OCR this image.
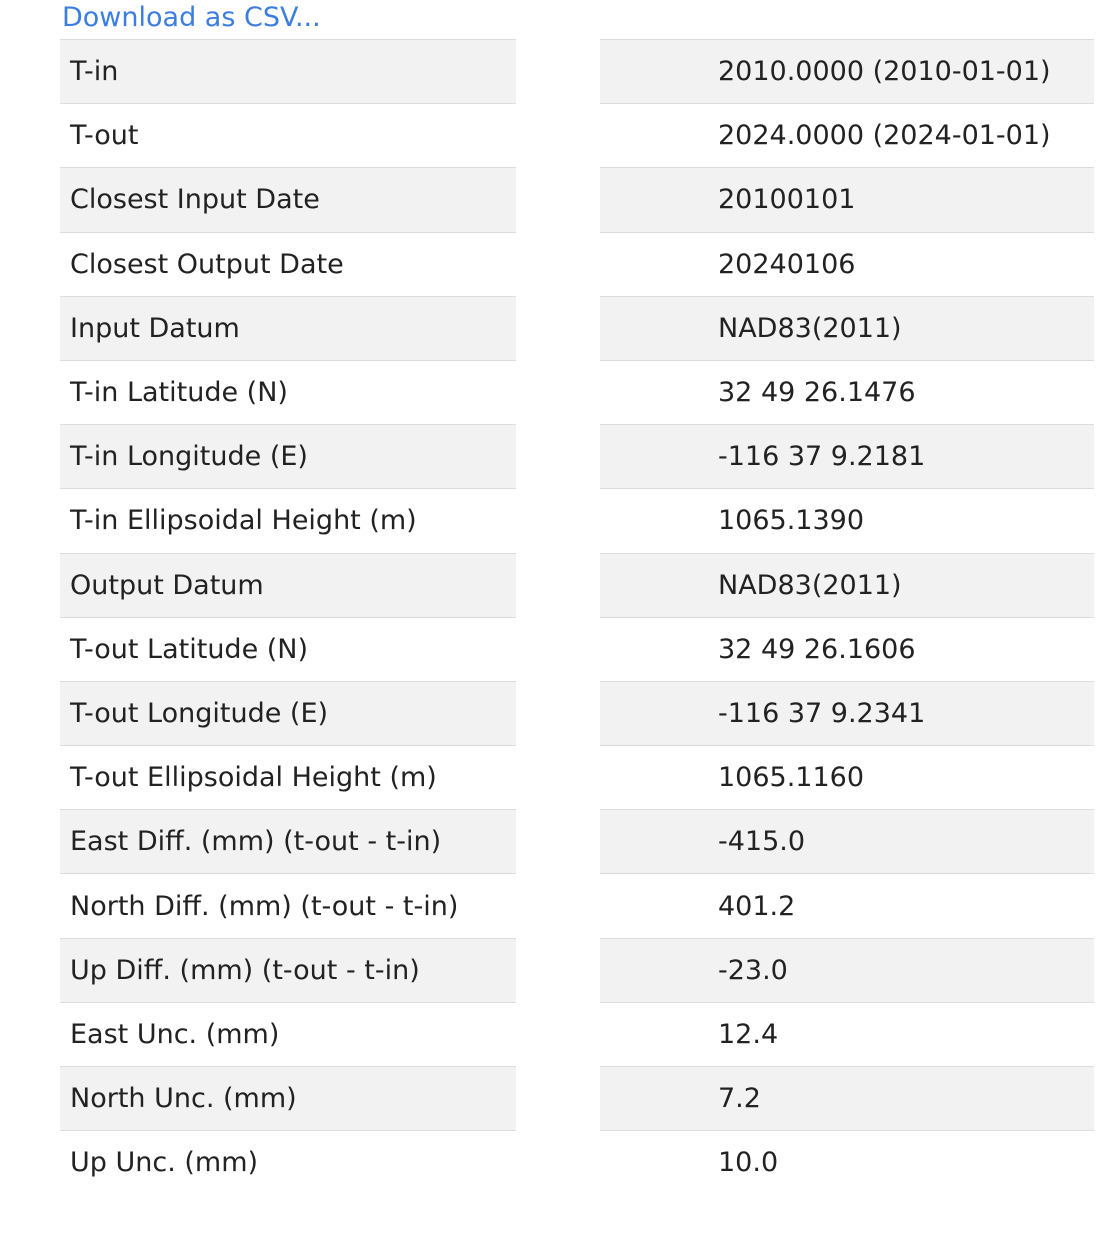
Download as CSV...
T-in
T-out
Closest Input Date
Closest Output Date
Input Datum
T-in Latitude (N)
T-in Longitude (E)
T-in Ellipsoidal Height (m)
Output Datum
T-out Latitude (N)
T-out Longitude (E)
T-out Ellipsoidal Height (m)
East Diff. (mm) (t-out - t-in)
North Diff. (mm) (t-out - t-in)
Up Diff. (mm) (t-out - t-in)
East Unc. (mm)
North Unc. (mm)
Up Unc. (mm)
2010.0000 (2010-01-01)
2024.0000 (2024-01-01)
20100101
20240106
NAD83(2011)
32 49 26.1476
-116 37 9.2181
1065.1390
NAD83(2011)
32 49 26.1606
-116 37 9.2341
1065.1160
-415.0
401.2
-23.0
12.4
7.2
10.0
